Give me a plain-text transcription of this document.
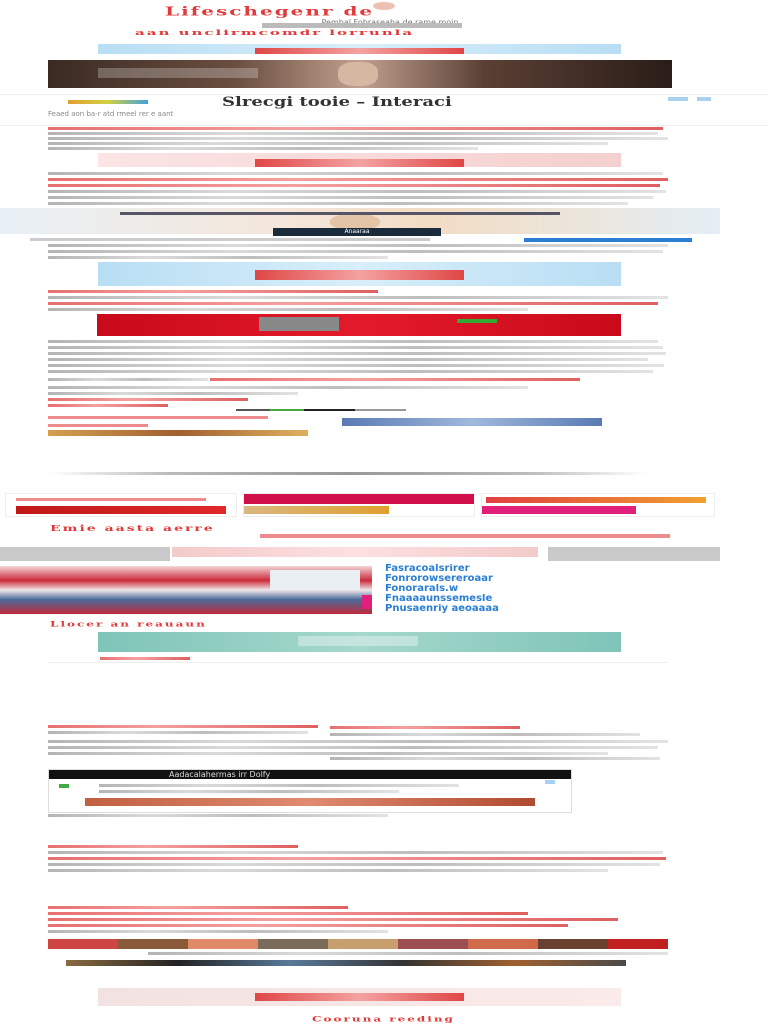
Lifeschegenr de
aan unclirmcomdr lorrunla
Slrecgi tooie – Interaci
Feaed aon ba-r atd rmeel rer e aant
Anaaraa
Emie aasta aerre
Fasracoalsrirer
Fonrorowsereroaar
Fonorarals.w
Fnaaaaunssemesle
Pnusaenriy aeoaaaa
Llocer an reauaun
Aadacalahermas irr Dolfy
Cooruna reeding
